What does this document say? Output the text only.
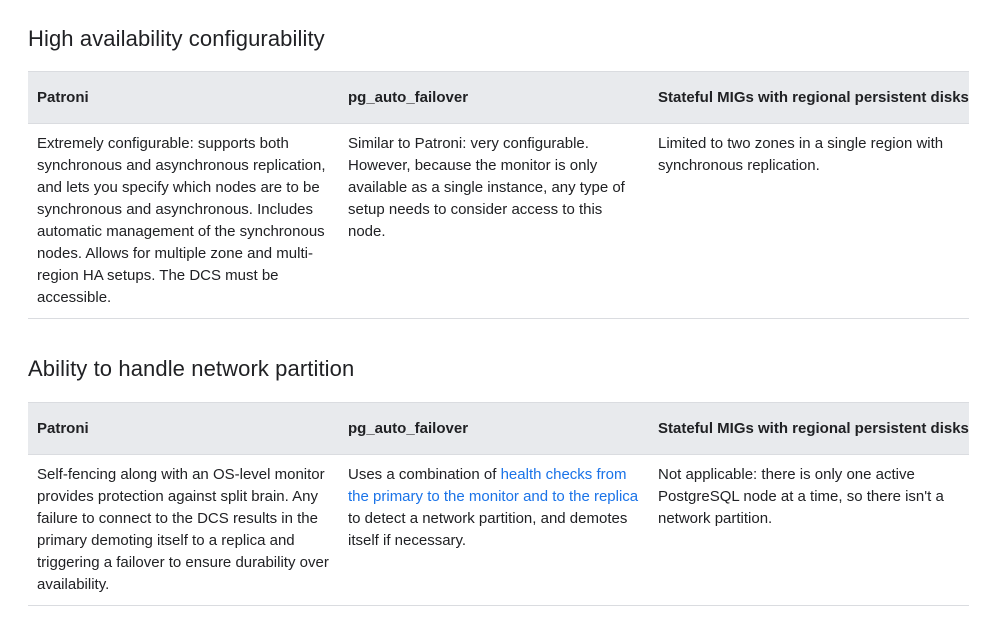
High availability configurability
Patroni	pg_auto_failover	Stateful MIGs with regional persistent disks
Extremely configurable: supports both synchronous and asynchronous replication, and lets you specify which nodes are to be synchronous and asynchronous. Includes automatic management of the synchronous nodes. Allows for multiple zone and multi-region HA setups. The DCS must be accessible.	Similar to Patroni: very configurable. However, because the monitor is only available as a single instance, any type of setup needs to consider access to this node.	Limited to two zones in a single region with synchronous replication.
Ability to handle network partition
Patroni	pg_auto_failover	Stateful MIGs with regional persistent disks
Self-fencing along with an OS-level monitor provides protection against split brain. Any failure to connect to the DCS results in the primary demoting itself to a replica and triggering a failover to ensure durability over availability.	Uses a combination of health checks from the primary to the monitor and to the replica to detect a network partition, and demotes itself if necessary.	Not applicable: there is only one active PostgreSQL node at a time, so there isn't a network partition.
